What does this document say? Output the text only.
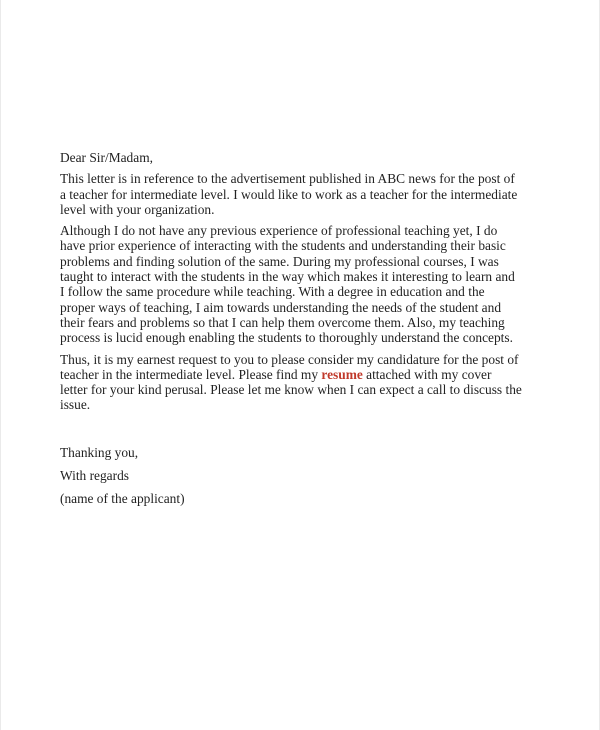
Dear Sir/Madam,

This letter is in reference to the advertisement published in ABC news for the post of a teacher for intermediate level. I would like to work as a teacher for the intermediate level with your organization.

Although I do not have any previous experience of professional teaching yet, I do have prior experience of interacting with the students and understanding their basic problems and finding solution of the same. During my professional courses, I was taught to interact with the students in the way which makes it interesting to learn and I follow the same procedure while teaching. With a degree in education and the proper ways of teaching, I aim towards understanding the needs of the student and their fears and problems so that I can help them overcome them. Also, my teaching process is lucid enough enabling the students to thoroughly understand the concepts.

Thus, it is my earnest request to you to please consider my candidature for the post of teacher in the intermediate level. Please find my resume attached with my cover letter for your kind perusal. Please let me know when I can expect a call to discuss the issue.

Thanking you,

With regards

(name of the applicant)
